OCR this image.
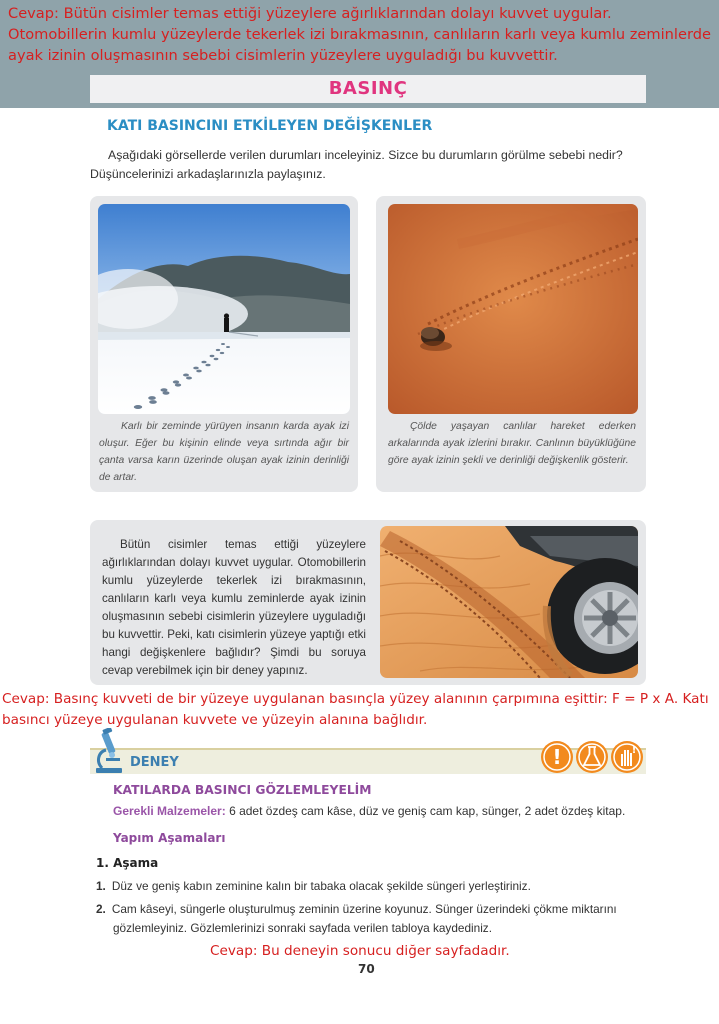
Cevap: Bütün cisimler temas ettiği yüzeylere ağırlıklarından dolayı kuvvet uygular. Otomobillerin kumlu yüzeylerde tekerlek izi bırakmasının, canlıların karlı veya kumlu zeminlerde ayak izinin oluşmasının sebebi cisimlerin yüzeylere uyguladığı bu kuvvettir.
BASINÇ
KATI BASINCINI ETKİLEYEN DEĞİŞKENLER
Aşağıdaki görsellerde verilen durumları inceleyiniz. Sizce bu durumların görülme sebebi nedir? Düşüncelerinizi arkadaşlarınızla paylaşınız.
Karlı bir zeminde yürüyen insanın karda ayak izi oluşur. Eğer bu kişinin elinde veya sırtında ağır bir çanta varsa karın üzerinde oluşan ayak izinin derinliği de artar.
Çölde yaşayan canlılar hareket ederken arkalarında ayak izlerini bırakır. Canlının büyüklüğüne göre ayak izinin şekli ve derinliği değişkenlik gösterir.
Bütün cisimler temas ettiği yüzeylere ağırlıklarından dolayı kuvvet uygular. Otomobillerin kumlu yüzeylerde tekerlek izi bırakmasının, canlıların karlı veya kumlu zeminlerde ayak izinin oluşmasının sebebi cisimlerin yüzeylere uyguladığı bu kuvvettir. Peki, katı cisimlerin yüzeye yaptığı etki hangi değişkenlere bağlıdır? Şimdi bu soruya cevap verebilmek için bir deney yapınız.
Cevap: Basınç kuvveti de bir yüzeye uygulanan basınçla yüzey alanının çarpımına eşittir: F = P x A. Katı basıncı yüzeye uygulanan kuvvete ve yüzeyin alanına bağlıdır.
DENEY	!	!
KATILARDA BASINCI GÖZLEMLEYELİM
Gerekli Malzemeler: 6 adet özdeş cam kâse, düz ve geniş cam kap, sünger, 2 adet özdeş kitap.
Yapım Aşamaları
1. Aşama
1. Düz ve geniş kabın zeminine kalın bir tabaka olacak şekilde süngeri yerleştiriniz.
2. Cam kâseyi, süngerle oluşturulmuş zeminin üzerine koyunuz. Sünger üzerindeki çökme miktarını gözlemleyiniz. Gözlemlerinizi sonraki sayfada verilen tabloya kaydediniz.
Cevap: Bu deneyin sonucu diğer sayfadadır.
70
